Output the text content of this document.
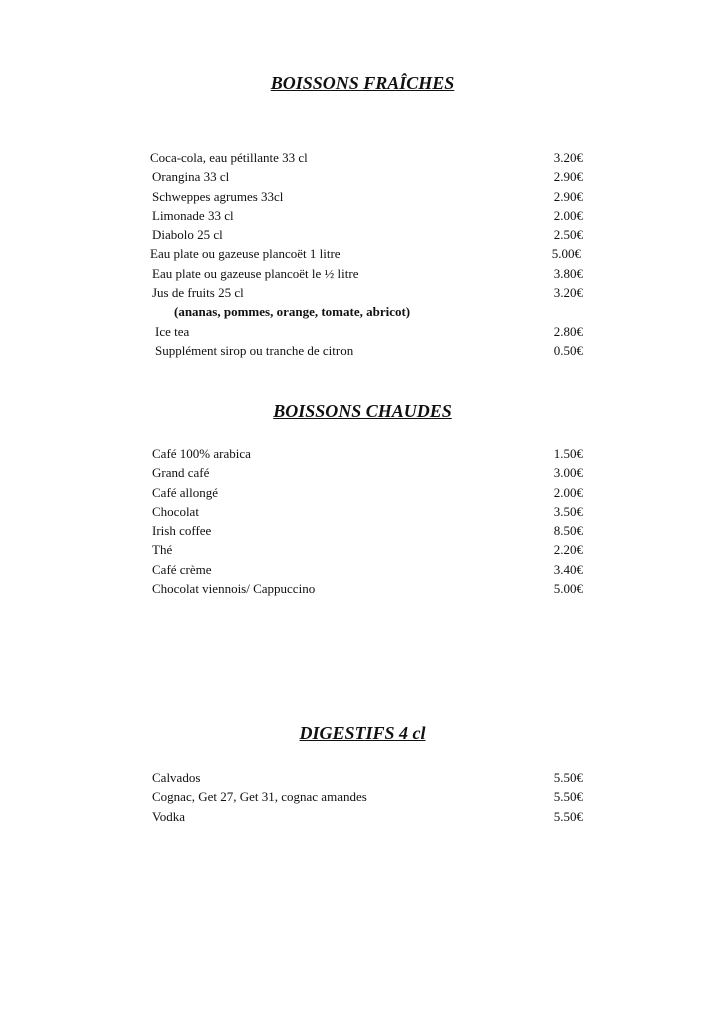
BOISSONS FRAÎCHES
Coca-cola, eau pétillante 33 cl	3.20€
Orangina 33 cl	2.90€
Schweppes agrumes 33cl	2.90€
Limonade 33 cl	2.00€
Diabolo 25 cl	2.50€
Eau plate ou gazeuse plancoët 1 litre	5.00€
Eau plate ou gazeuse plancoët le ½ litre	3.80€
Jus de fruits 25 cl	3.20€
(ananas, pommes, orange, tomate, abricot)
Ice tea	2.80€
Supplément sirop ou tranche de citron	0.50€
BOISSONS CHAUDES
Café 100% arabica	1.50€
Grand café	3.00€
Café allongé	2.00€
Chocolat	3.50€
Irish coffee	8.50€
Thé	2.20€
Café crème	3.40€
Chocolat viennois/ Cappuccino	5.00€
DIGESTIFS 4 cl
Calvados	5.50€
Cognac, Get 27, Get 31, cognac amandes	5.50€
Vodka	5.50€
